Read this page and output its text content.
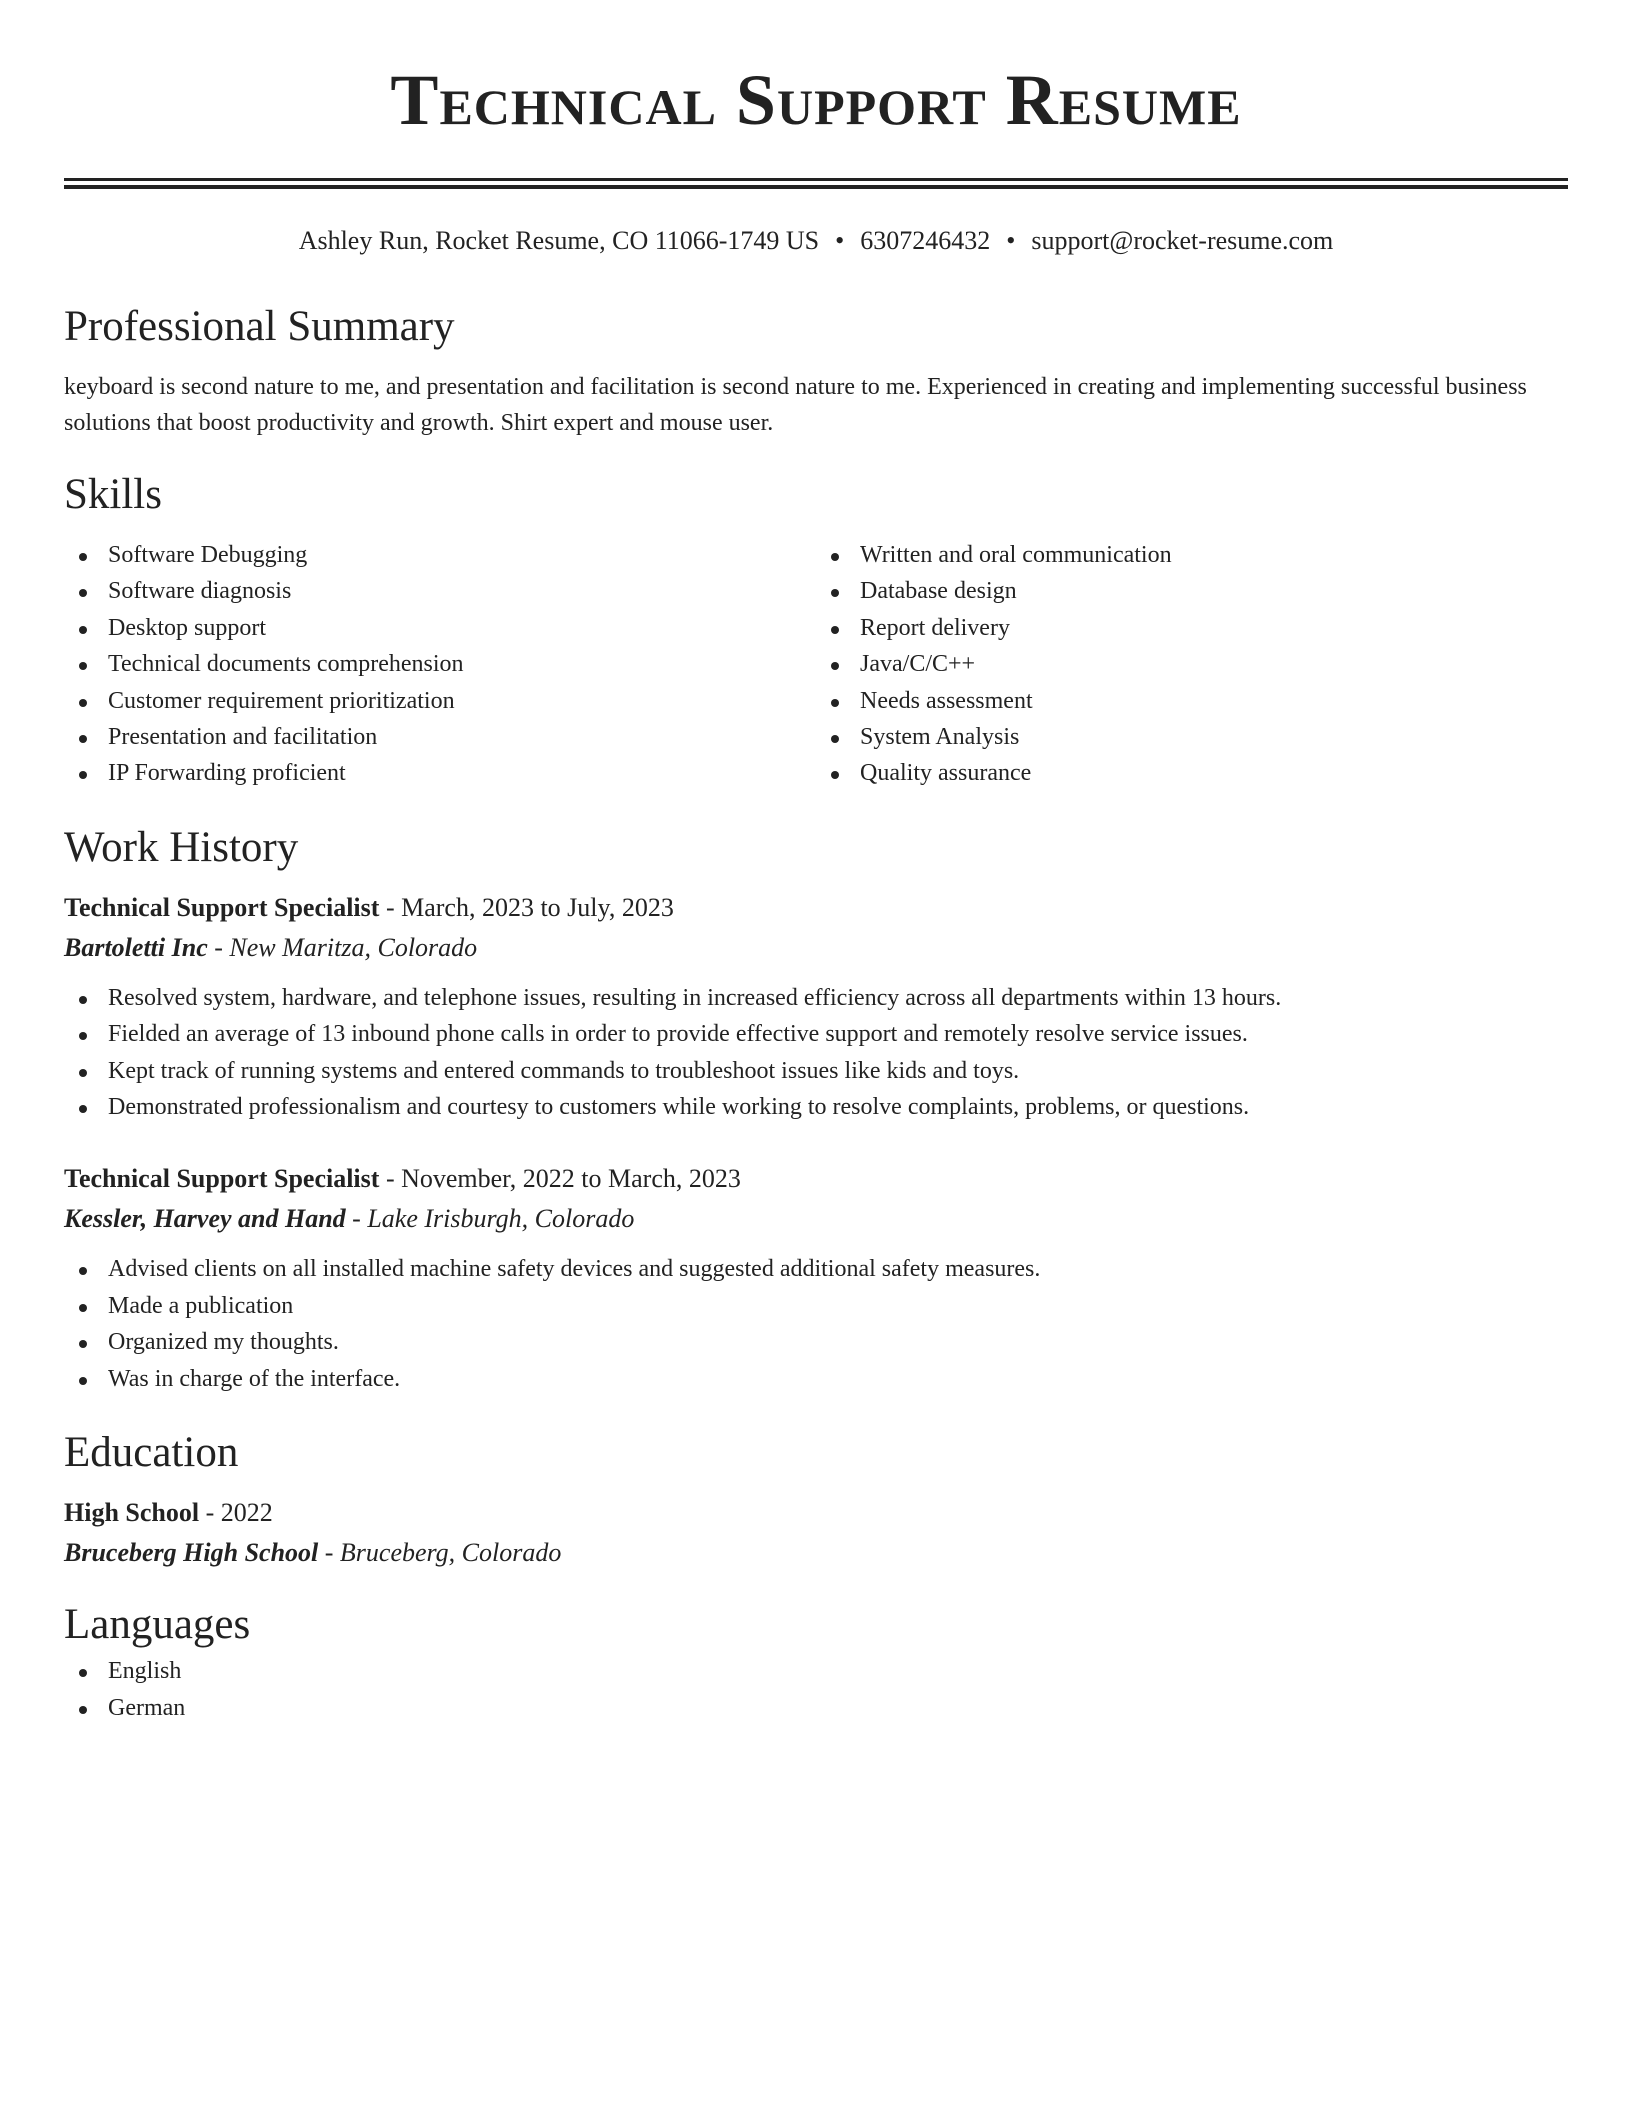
Technical Support Resume
Ashley Run, Rocket Resume, CO 11066-1749 US • 6307246432 • support@rocket-resume.com
Professional Summary

keyboard is second nature to me, and presentation and facilitation is second nature to me. Experienced in creating and implementing successful business solutions that boost productivity and growth. Shirt expert and mouse user.

Skills
Software Debugging
Software diagnosis
Desktop support
Technical documents comprehension
Customer requirement prioritization
Presentation and facilitation
IP Forwarding proficient
Written and oral communication
Database design
Report delivery
Java/C/C++
Needs assessment
System Analysis
Quality assurance
Work History
Technical Support Specialist - March, 2023 to July, 2023
Bartoletti Inc - New Maritza, Colorado
Resolved system, hardware, and telephone issues, resulting in increased efficiency across all departments within 13 hours.
Fielded an average of 13 inbound phone calls in order to provide effective support and remotely resolve service issues.
Kept track of running systems and entered commands to troubleshoot issues like kids and toys.
Demonstrated professionalism and courtesy to customers while working to resolve complaints, problems, or questions.
Technical Support Specialist - November, 2022 to March, 2023
Kessler, Harvey and Hand - Lake Irisburgh, Colorado
Advised clients on all installed machine safety devices and suggested additional safety measures.
Made a publication
Organized my thoughts.
Was in charge of the interface.
Education
High School - 2022
Bruceberg High School - Bruceberg, Colorado
Languages
English
German
